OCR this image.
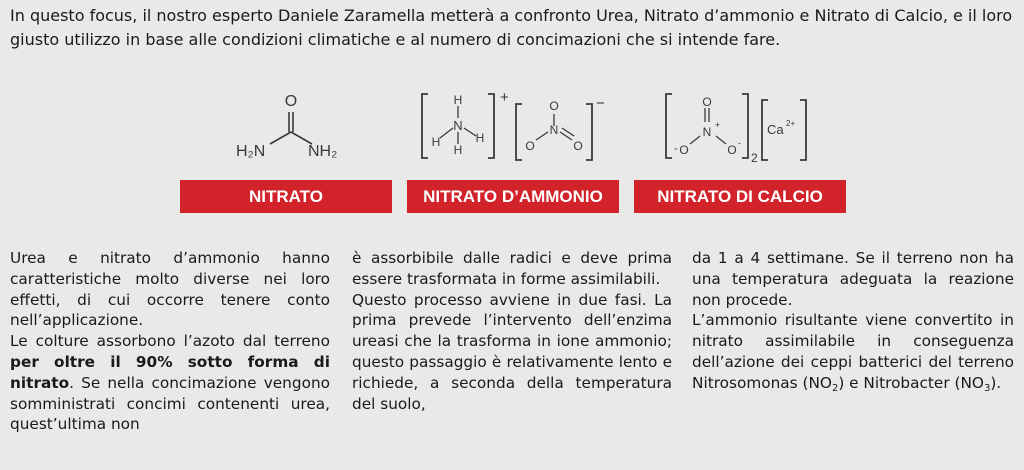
In questo focus, il nostro esperto Daniele Zaramella metterà a confronto Urea, Nitrato d’ammonio e Nitrato di Calcio, e il loro giusto utilizzo in base alle condizioni climatiche e al numero di concimazioni che si intende fare.

O
H₂N	NH₂
H
N
H	H
H
+	O
N
O	O
−	O
N +
- O	O -
2
Ca 2+
NITRATO	NITRATO D’AMMONIO	NITRATO DI CALCIO

Urea e nitrato d’ammonio hanno caratteristiche molto diverse nei loro effetti, di cui occorre tenere conto nell’applicazione.

Le colture assorbono l’azoto dal terreno per oltre il 90% sotto forma di nitrato. Se nella concimazione vengono somministrati concimi contenenti urea, quest’ultima non

è assorbibile dalle radici e deve prima essere trasformata in forme assimilabili.

Questo processo avviene in due fasi. La prima prevede l’intervento dell’enzima ureasi che la trasforma in ione ammonio; questo passaggio è relativamente lento e richiede, a seconda della temperatura del suolo,

da 1 a 4 settimane. Se il terreno non ha una temperatura adeguata la reazione non procede.

L’ammonio risultante viene convertito in nitrato assimilabile in conseguenza dell’azione dei ceppi batterici del terreno Nitrosomonas $(NO_2)$ e Nitrobacter $(NO_3)$.
